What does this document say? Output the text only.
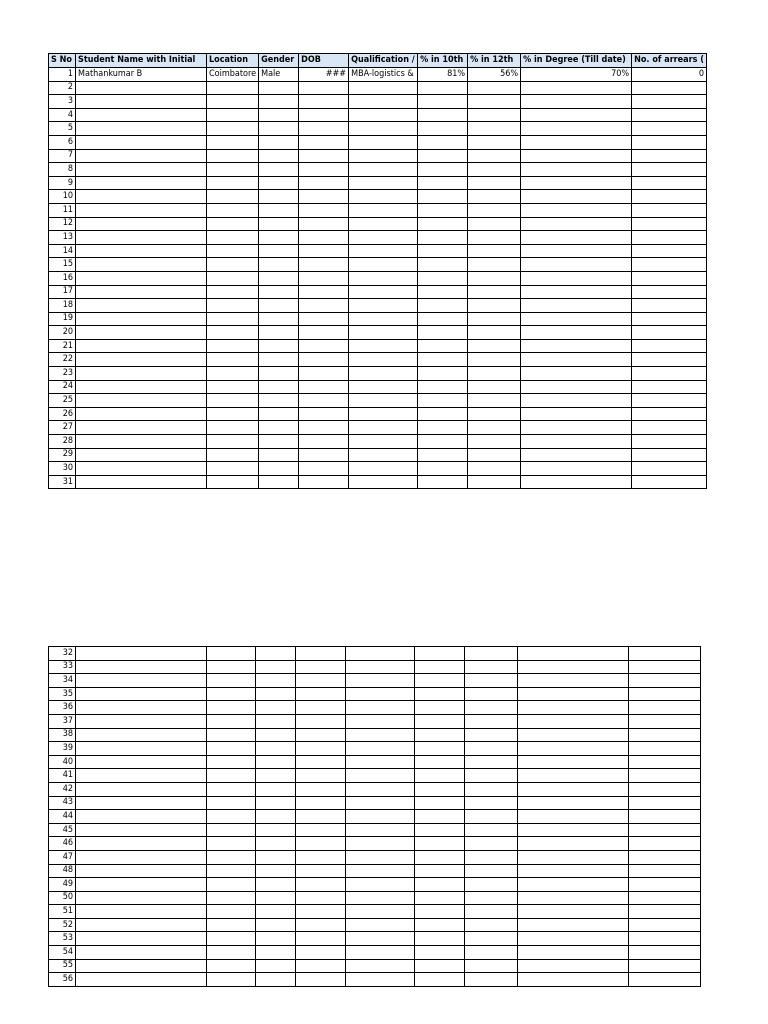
S No	Student Name with Initial	Location	Gender	DOB	Qualification /	% in 10th	% in 12th	% in Degree (Till date)	No. of arrears (
1	Mathankumar B	Coimbatore	Male	###	MBA-logistics &	81%	56%	70%	0
2									
3									
4									
5									
6									
7									
8									
9									
10									
11									
12									
13									
14									
15									
16									
17									
18									
19									
20									
21									
22									
23									
24									
25									
26									
27									
28									
29									
30									
31									
32									
33									
34									
35									
36									
37									
38									
39									
40									
41									
42									
43									
44									
45									
46									
47									
48									
49									
50									
51									
52									
53									
54									
55									
56									
